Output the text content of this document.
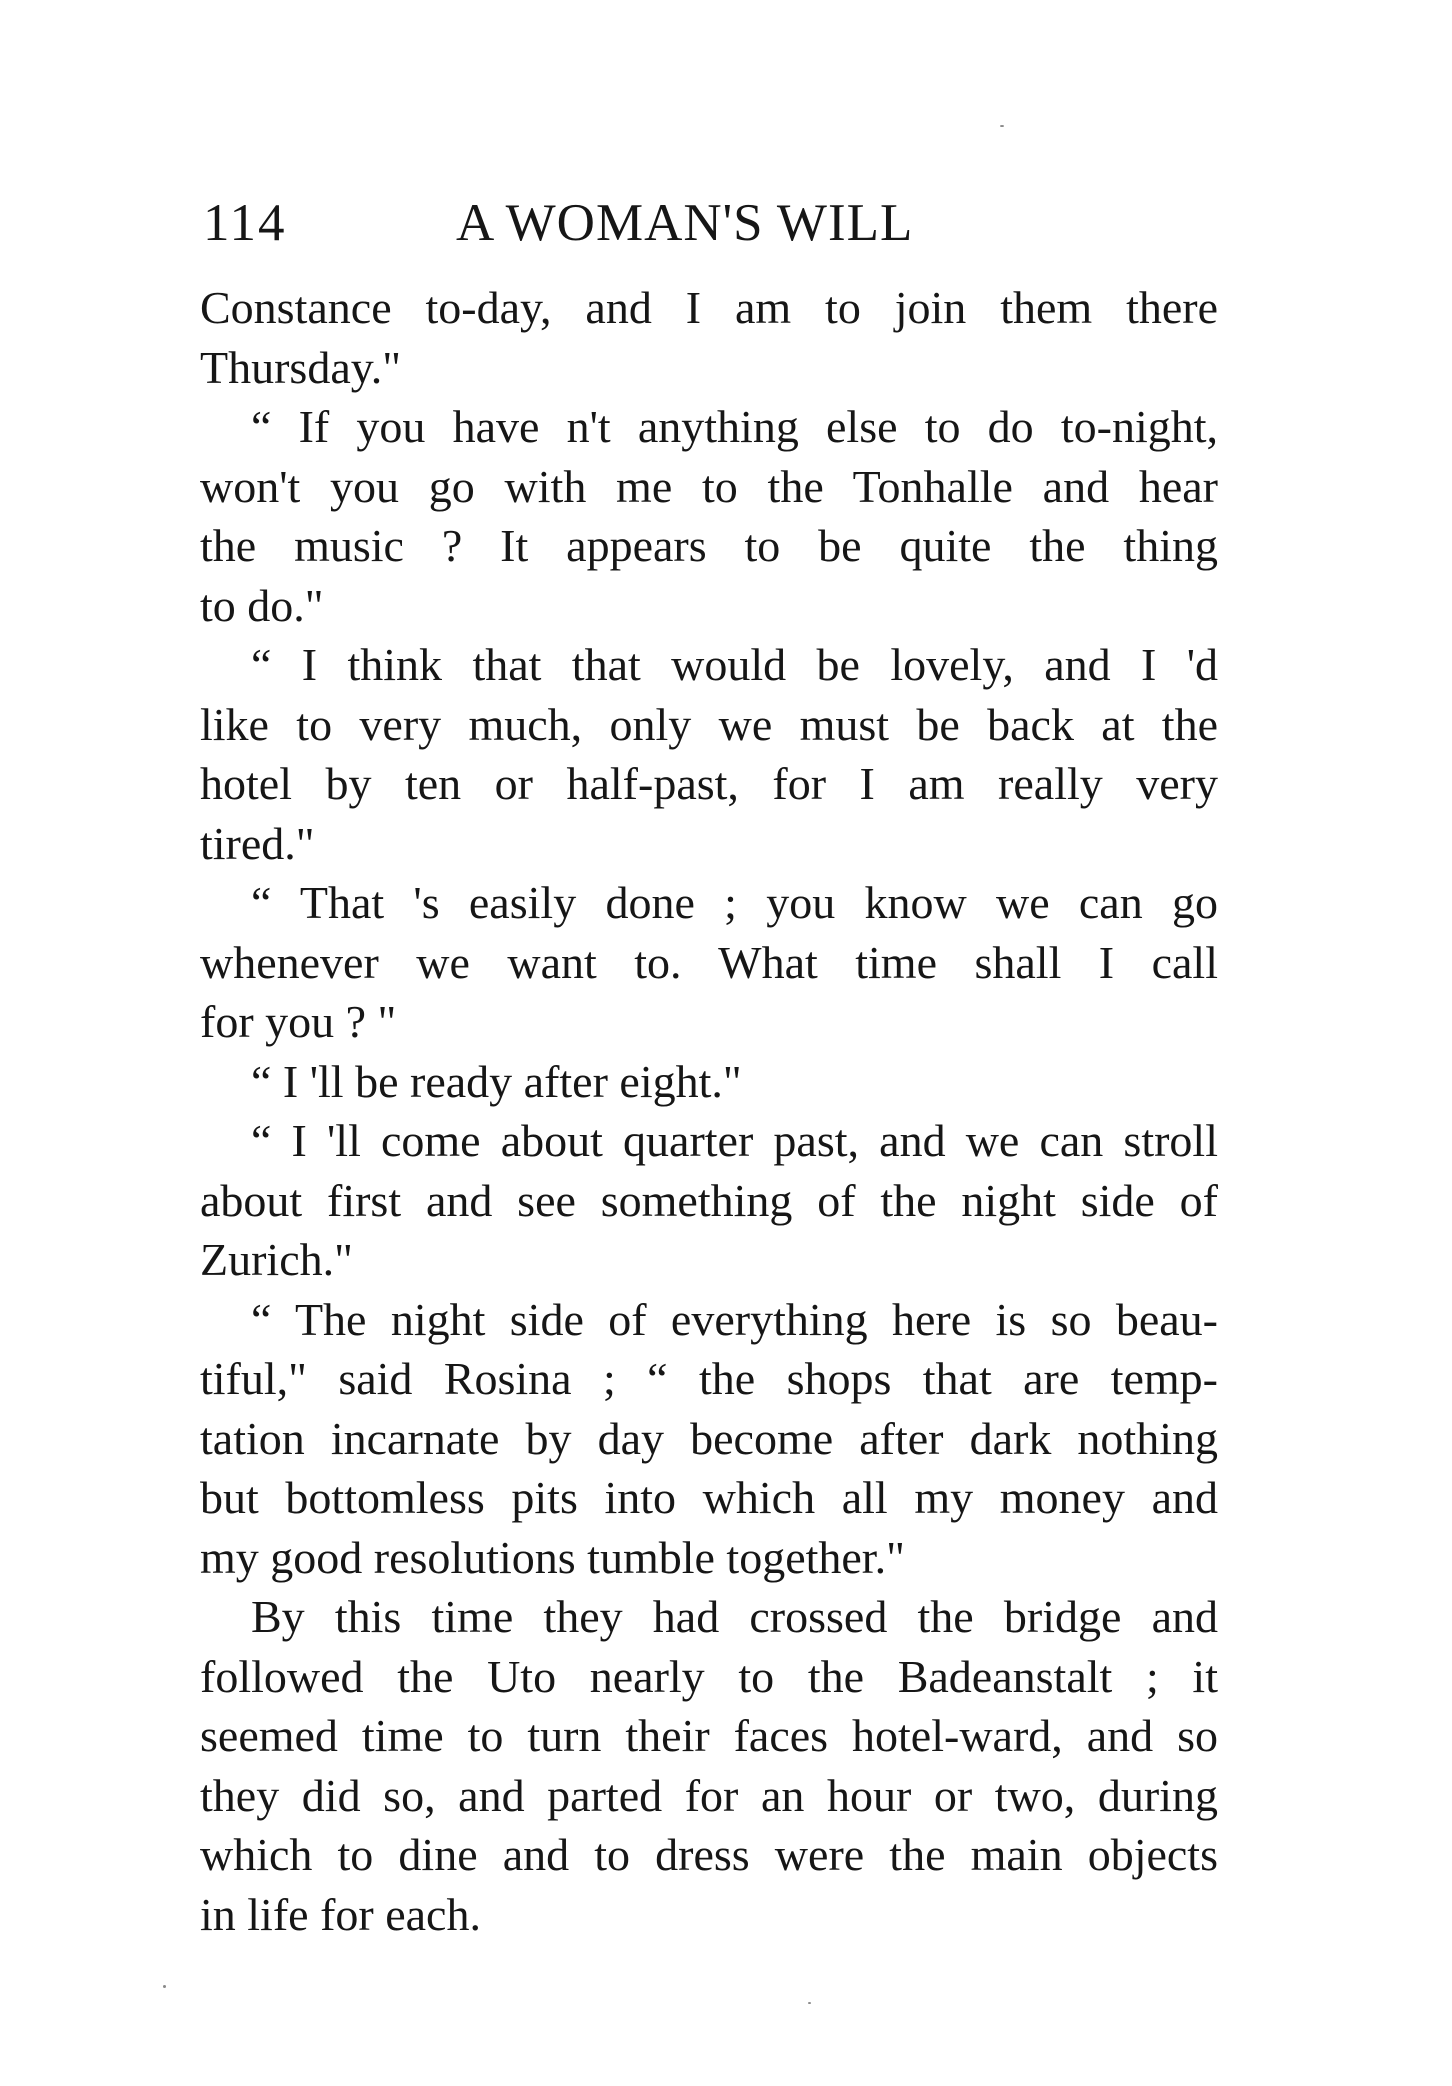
114	A WOMAN'S WILL
Constance to-day, and I am to join them there
Thursday."
“ If you have n't anything else to do to-night,
won't you go with me to the Tonhalle and hear
the music ? It appears to be quite the thing
to do."
“ I think that that would be lovely, and I 'd
like to very much, only we must be back at the
hotel by ten or half-past, for I am really very
tired."
“ That 's easily done ; you know we can go
whenever we want to. What time shall I call
for you ? "
“ I 'll be ready after eight."
“ I 'll come about quarter past, and we can stroll
about first and see something of the night side of
Zurich."
“ The night side of everything here is so beau-
tiful," said Rosina ; “ the shops that are temp-
tation incarnate by day become after dark nothing
but bottomless pits into which all my money and
my good resolutions tumble together."
By this time they had crossed the bridge and
followed the Uto nearly to the Badeanstalt ; it
seemed time to turn their faces hotel-ward, and so
they did so, and parted for an hour or two, during
which to dine and to dress were the main objects
in life for each.
